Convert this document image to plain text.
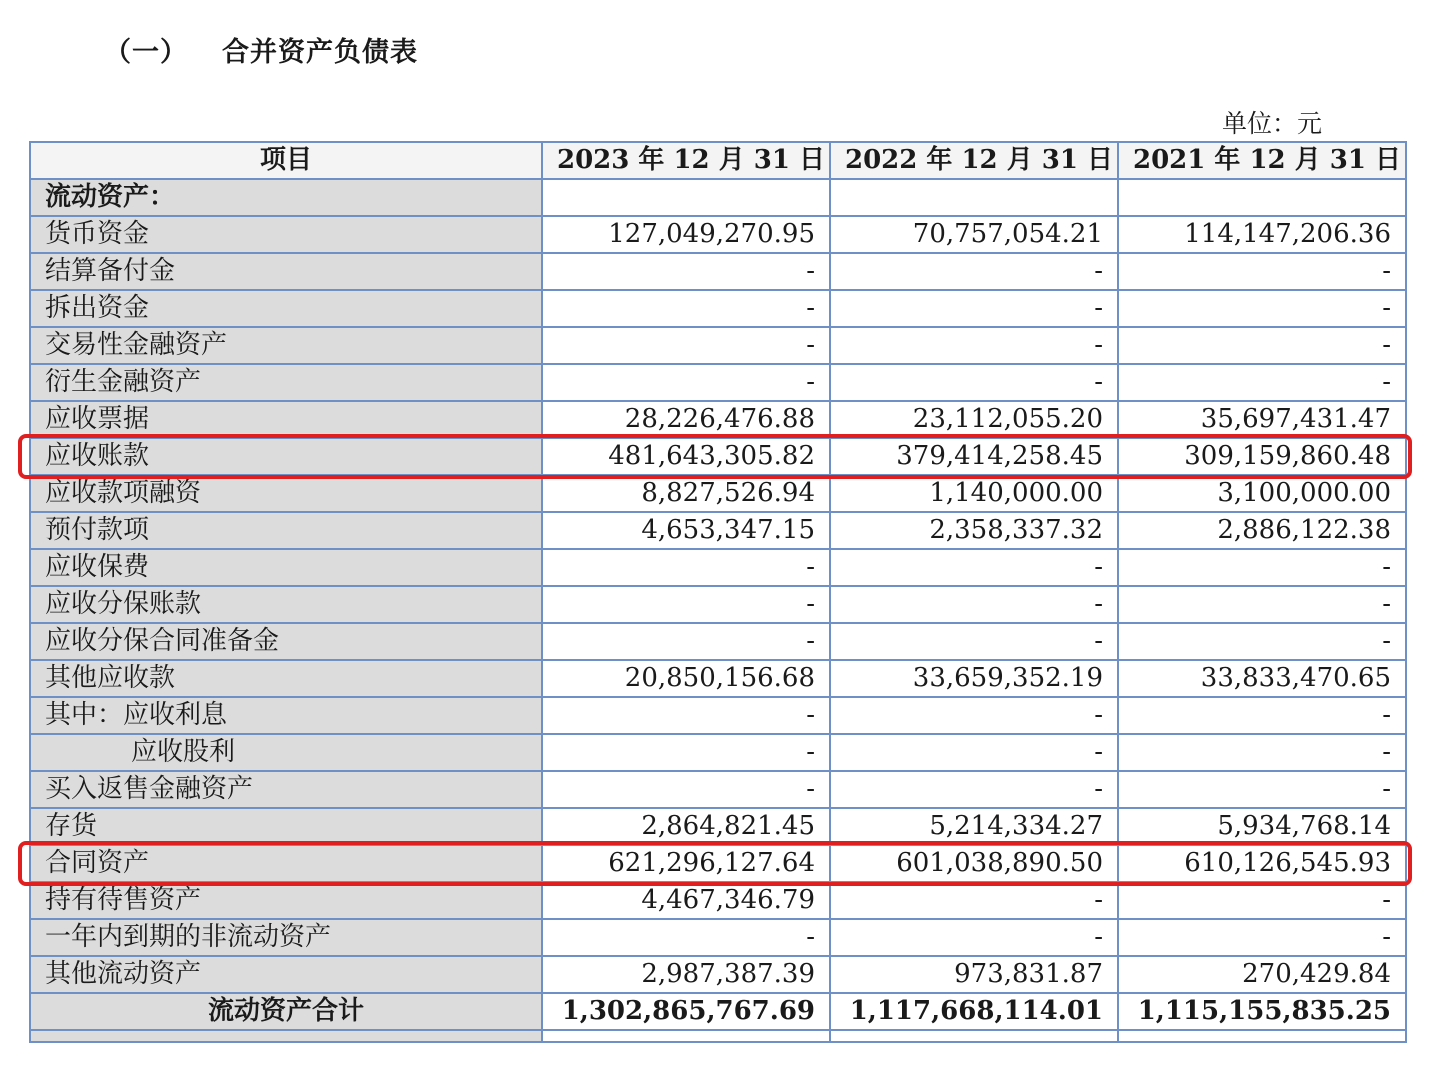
（一） 合并资产负债表
单位：元
项目	2023 年 12 月 31 日	2022 年 12 月 31 日	2021 年 12 月 31 日
流动资产：			
货币资金	127,049,270.95	70,757,054.21	114,147,206.36
结算备付金	-	-	-
拆出资金	-	-	-
交易性金融资产	-	-	-
衍生金融资产	-	-	-
应收票据	28,226,476.88	23,112,055.20	35,697,431.47
应收账款	481,643,305.82	379,414,258.45	309,159,860.48
应收款项融资	8,827,526.94	1,140,000.00	3,100,000.00
预付款项	4,653,347.15	2,358,337.32	2,886,122.38
应收保费	-	-	-
应收分保账款	-	-	-
应收分保合同准备金	-	-	-
其他应收款	20,850,156.68	33,659,352.19	33,833,470.65
其中：应收利息	-	-	-
应收股利	-	-	-
买入返售金融资产	-	-	-
存货	2,864,821.45	5,214,334.27	5,934,768.14
合同资产	621,296,127.64	601,038,890.50	610,126,545.93
持有待售资产	4,467,346.79	-	-
一年内到期的非流动资产	-	-	-
其他流动资产	2,987,387.39	973,831.87	270,429.84
流动资产合计	1,302,865,767.69	1,117,668,114.01	1,115,155,835.25
